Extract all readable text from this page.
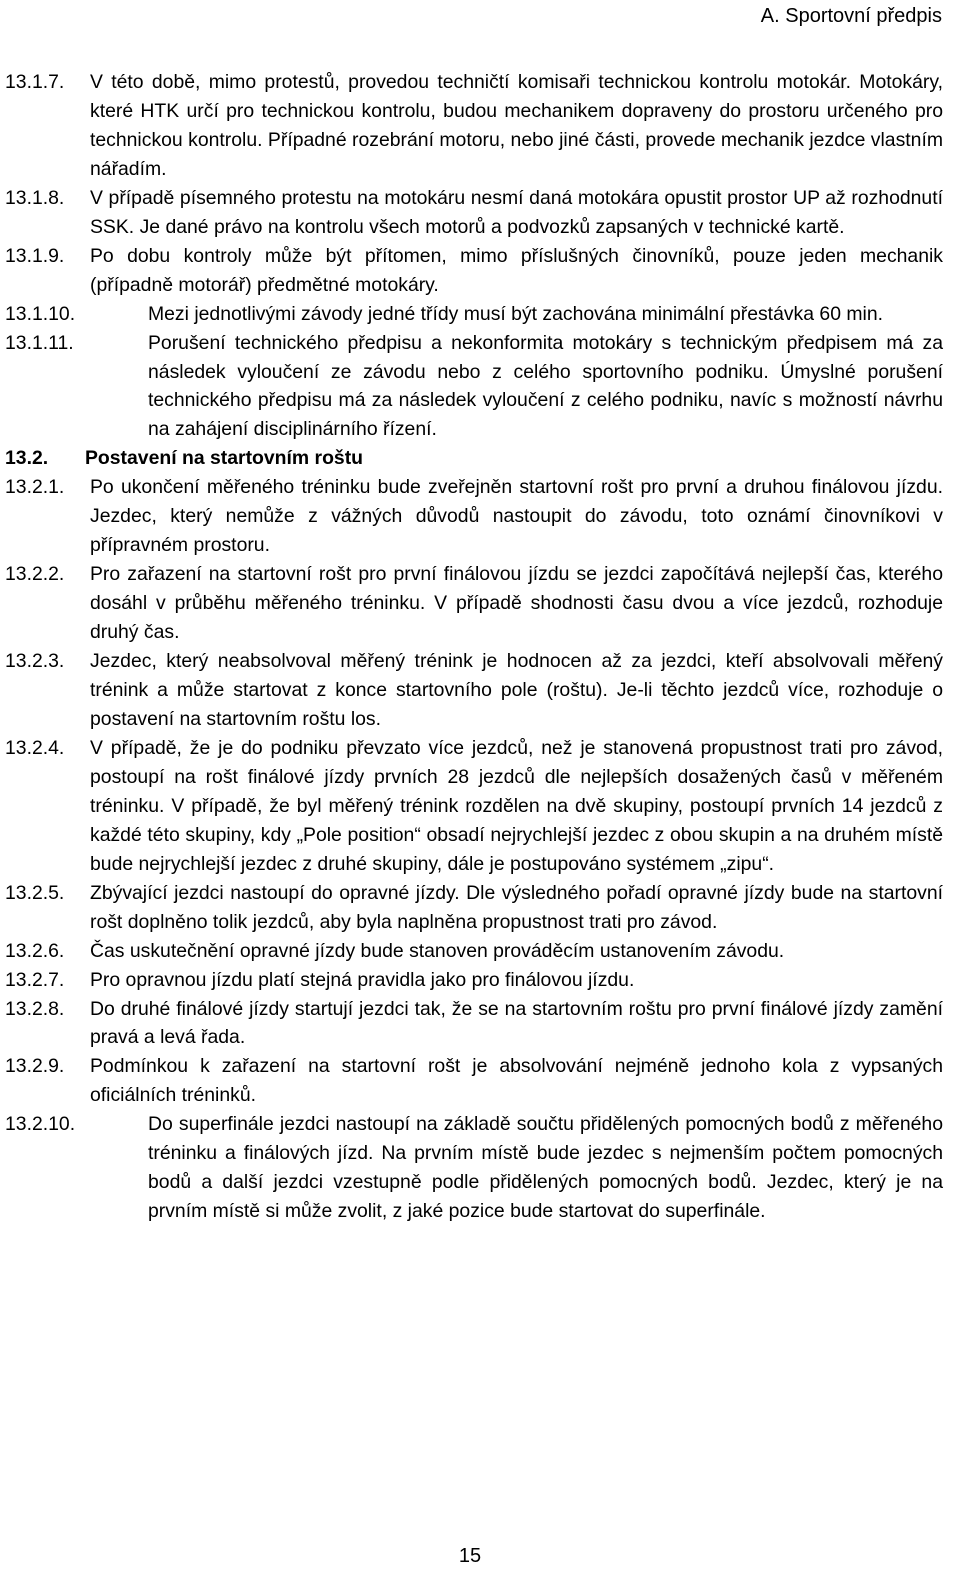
A. Sportovní předpis
13.1.7.	V této době, mimo protestů, provedou techničtí komisaři technickou kontrolu motokár. Motokáry, které HTK určí pro technickou kontrolu, budou mechanikem dopraveny do prostoru určeného pro technickou kontrolu. Případné rozebrání motoru, nebo jiné části, provede mechanik jezdce vlastním nářadím.
13.1.8.	V případě písemného protestu na motokáru nesmí daná motokára opustit prostor UP až rozhodnutí SSK. Je dané právo na kontrolu všech motorů a podvozků zapsaných v technické kartě.
13.1.9.	Po dobu kontroly může být přítomen, mimo příslušných činovníků, pouze jeden mechanik (případně motorář) předmětné motokáry.
13.1.10.	Mezi jednotlivými závody jedné třídy musí být zachována minimální přestávka 60 min.
13.1.11.	Porušení technického předpisu a nekonformita motokáry s technickým předpisem má za následek vyloučení ze závodu nebo z celého sportovního podniku. Úmyslné porušení technického předpisu má za následek vyloučení z celého podniku, navíc s možností návrhu na zahájení disciplinárního řízení.
13.2.	Postavení na startovním roštu
13.2.1.	Po ukončení měřeného tréninku bude zveřejněn startovní rošt pro první a druhou finálovou jízdu. Jezdec, který nemůže z vážných důvodů nastoupit do závodu, toto oznámí činovníkovi v přípravném prostoru.
13.2.2.	Pro zařazení na startovní rošt pro první finálovou jízdu se jezdci započítává nejlepší čas, kterého dosáhl v průběhu měřeného tréninku. V případě shodnosti času dvou a více jezdců, rozhoduje druhý čas.
13.2.3.	Jezdec, který neabsolvoval měřený trénink je hodnocen až za jezdci, kteří absolvovali měřený trénink a může startovat z konce startovního pole (roštu). Je-li těchto jezdců více, rozhoduje o postavení na startovním roštu los.
13.2.4.	V případě, že je do podniku převzato více jezdců, než je stanovená propustnost trati pro závod, postoupí na rošt finálové jízdy prvních 28 jezdců dle nejlepších dosažených časů v měřeném tréninku. V případě, že byl měřený trénink rozdělen na dvě skupiny, postoupí prvních 14 jezdců z každé této skupiny, kdy „Pole position“ obsadí nejrychlejší jezdec z obou skupin a na druhém místě bude nejrychlejší jezdec z druhé skupiny, dále je postupováno systémem „zipu“.
13.2.5.	Zbývající jezdci nastoupí do opravné jízdy. Dle výsledného pořadí opravné jízdy bude na startovní rošt doplněno tolik jezdců, aby byla naplněna propustnost trati pro závod.
13.2.6.	Čas uskutečnění opravné jízdy bude stanoven prováděcím ustanovením závodu.
13.2.7.	Pro opravnou jízdu platí stejná pravidla jako pro finálovou jízdu.
13.2.8.	Do druhé finálové jízdy startují jezdci tak, že se na startovním roštu pro první finálové jízdy zamění pravá a levá řada.
13.2.9.	Podmínkou k zařazení na startovní rošt je absolvování nejméně jednoho kola z vypsaných oficiálních tréninků.
13.2.10.	Do superfinále jezdci nastoupí na základě součtu přidělených pomocných bodů z měřeného tréninku a finálových jízd. Na prvním místě bude jezdec s nejmenším počtem pomocných bodů a další jezdci vzestupně podle přidělených pomocných bodů. Jezdec, který je na prvním místě si může zvolit, z jaké pozice bude startovat do superfinále.
15
